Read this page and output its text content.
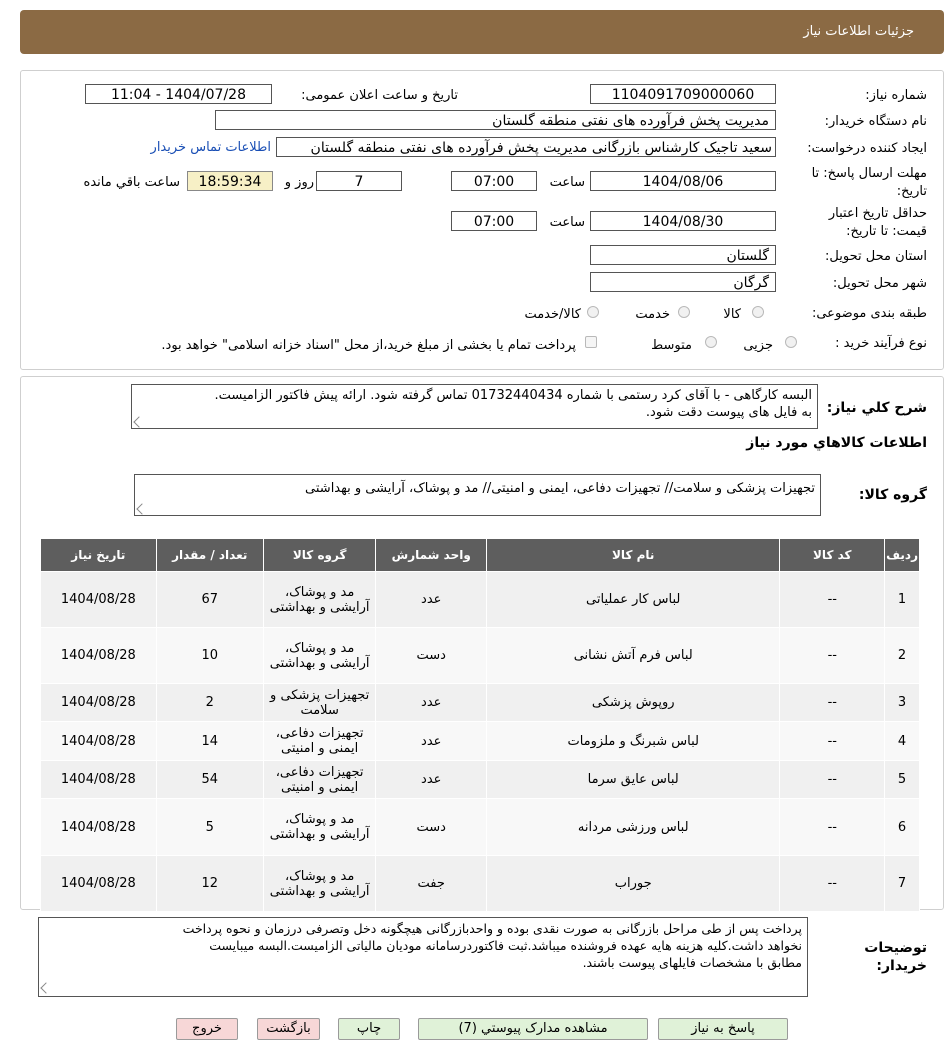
جزئیات اطلاعات نیاز
شماره نیاز:
1104091709000060
تاریخ و ساعت اعلان عمومی:
1404/07/28 - 11:04
نام دستگاه خریدار:
مدیریت پخش فرآورده های نفتی منطقه گلستان
ایجاد کننده درخواست:
سعید تاجیک کارشناس بازرگانی مدیریت پخش فرآورده های نفتی منطقه گلستان
اطلاعات تماس خریدار
مهلت ارسال پاسخ: تا
تاریخ:
1404/08/06
ساعت
07:00
7
روز و
18:59:34
ساعت باقي مانده
حداقل تاریخ اعتبار
قیمت: تا تاریخ:
1404/08/30
ساعت
07:00
استان محل تحویل:
گلستان
شهر محل تحویل:
گرگان
طبقه بندی موضوعی:
کالا
خدمت
کالا/خدمت
نوع فرآیند خرید :
جزیی
متوسط
پرداخت تمام یا بخشی از مبلغ خرید،از محل "اسناد خزانه اسلامی" خواهد بود.
شرح کلي نياز:
البسه کارگاهی - با آقای کرد رستمی با شماره 01732440434 تماس گرفته شود. ارائه پیش فاکتور الزامیست.
به فایل های پیوست دقت شود.
اطلاعات کالاهاي مورد نياز
گروه کالا:
تجهیزات پزشکی و سلامت// تجهیزات دفاعی، ایمنی و امنیتی// مد و پوشاک، آرایشی و بهداشتی
ردیف	کد کالا	نام کالا	واحد شمارش	گروه کالا	تعداد / مقدار	تاریخ نیاز
1	--	لباس کار عملیاتی	عدد	مد و پوشاک، آرایشی و بهداشتی	67	1404/08/28
2	--	لباس فرم آتش نشانی	دست	مد و پوشاک، آرایشی و بهداشتی	10	1404/08/28
3	--	روپوش پزشکی	عدد	تجهیزات پزشکی و سلامت	2	1404/08/28
4	--	لباس شبرنگ و ملزومات	عدد	تجهیزات دفاعی، ایمنی و امنیتی	14	1404/08/28
5	--	لباس عایق سرما	عدد	تجهیزات دفاعی، ایمنی و امنیتی	54	1404/08/28
6	--	لباس ورزشی مردانه	دست	مد و پوشاک، آرایشی و بهداشتی	5	1404/08/28
7	--	جوراب	جفت	مد و پوشاک، آرایشی و بهداشتی	12	1404/08/28
توضیحات
خریدار:
پرداخت پس از طی مراحل بازرگانی به صورت نقدی بوده و واحدبازرگانی هیچگونه دخل وتصرفی درزمان و نحوه پرداخت
نخواهد داشت.کلیه هزینه هایه عهده فروشنده میباشد.ثبت فاکتوردرسامانه مودیان مالیاتی الزامیست.البسه میبایست
مطابق با مشخصات فایلهای پیوست باشند.
پاسخ به نیاز
مشاهده مدارک پیوستي (7)
چاپ
بازگشت
خروج
